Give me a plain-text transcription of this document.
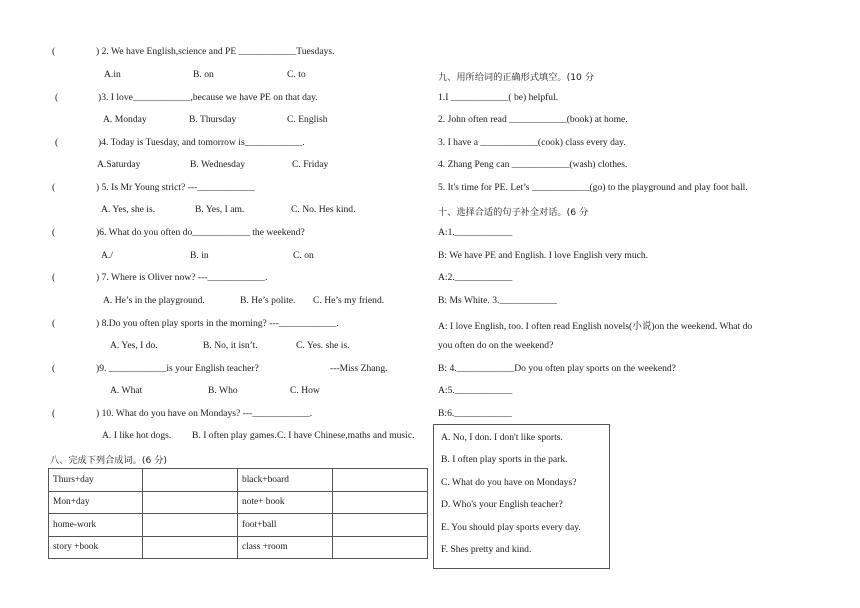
(	) 2. We have English,science and PE ____________Tuesdays.
A.in	B. on	C. to
(	)3. I love____________,because we have PE on that day.
A. Monday	B. Thursday	C. English
(	)4. Today is Tuesday, and tomorrow is____________.
A.Saturday	B. Wednesday	C. Friday
(	) 5. Is Mr Young strict? ---____________
A. Yes, she is.	B. Yes, I am.	C. No. Hes kind.
(	)6. What do you often do____________ the weekend?
A./	B. in	C. on
(	) 7. Where is Oliver now? ---____________.
A. He’s in the playground.	B. He’s polite. C. He’s my friend.
(	) 8.Do you often play sports in the morning? ---____________.
A. Yes, I do.	B. No, it isn’t.	C. Yes. she is.
(	)9. ____________is your English teacher?	---Miss Zhang.
A. What	B. Who	C. How
(	) 10. What do you have on Mondays? ---____________.
A. I like hot dogs. B. I often play games. C. I have Chinese,maths and music.
八、完成下列合成词。(6 分)
Thurs+day		black+board	
Mon+day		note+ book	
home-work		foot+ball	
story +book		class +room	
九、用所给词的正确形式填空。(10 分
1.I ____________( be) helpful.
2. John often read ____________(book) at home.
3. I have a ____________(cook) class every day.
4. Zhang Peng can ____________(wash) clothes.
5. It's time for PE. Let’s ____________(go) to the playground and play foot ball.
十、选择合适的句子补全对话。(6 分
A:1.____________
B: We have PE and English. I love English very much.
A:2.____________
B: Ms White. 3.____________
A: I love English, too. I often read English novels(小说)on the weekend. What do
you often do on the weekend?
B: 4.____________Do you often play sports on the weekend?
A:5.____________
B:6.____________
A. No, I don. I don't like sports.
B. I often play sports in the park.
C. What do you have on Mondays?
D. Who's your English teacher?
E. You should play sports every day.
F. Shes pretty and kind.
